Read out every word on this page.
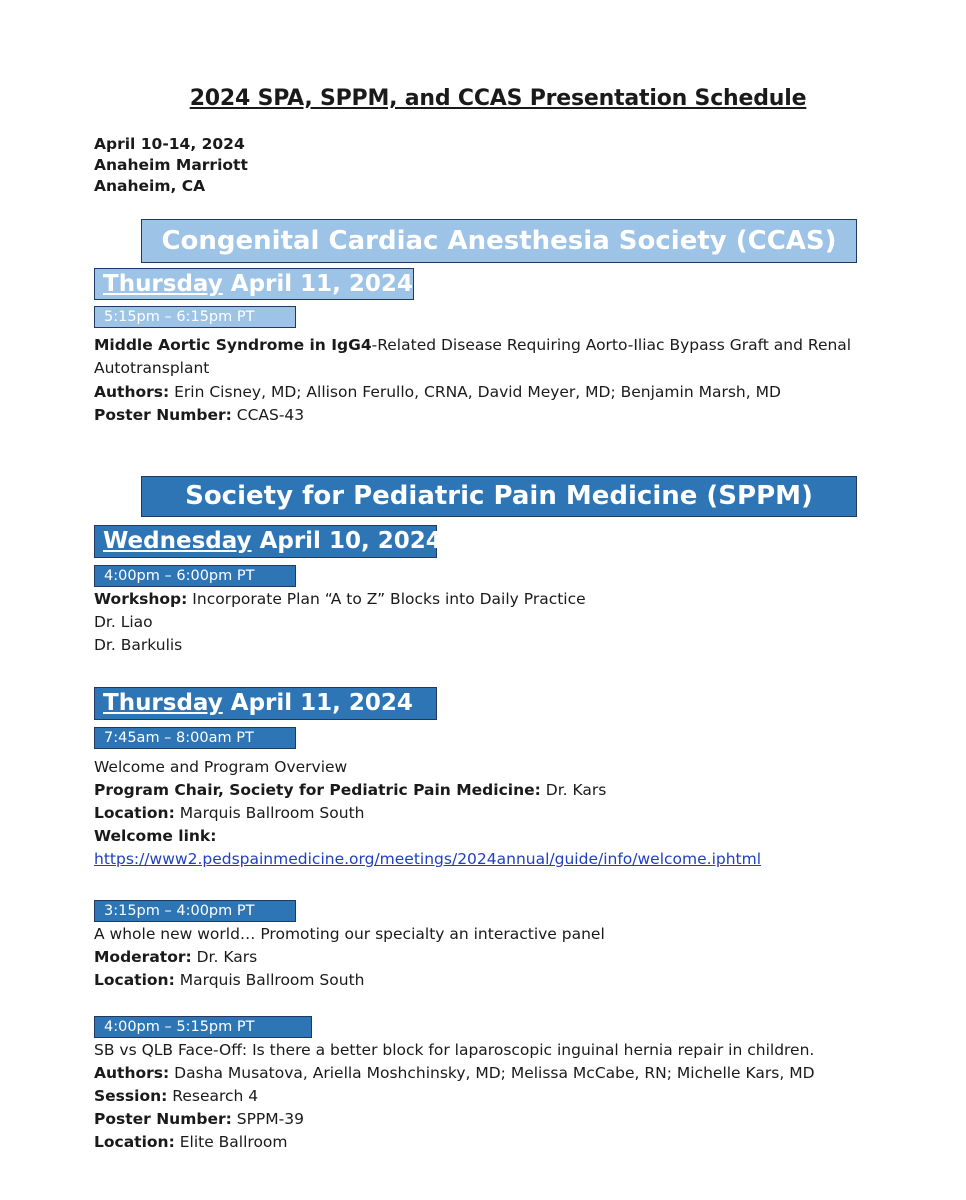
2024 SPA, SPPM, and CCAS Presentation Schedule
April 10-14, 2024
Anaheim Marriott
Anaheim, CA
Congenital Cardiac Anesthesia Society (CCAS)
Thursday April 11, 2024
5:15pm – 6:15pm PT
Middle Aortic Syndrome in IgG4-Related Disease Requiring Aorto-Iliac Bypass Graft and Renal
Autotransplant
Authors: Erin Cisney, MD; Allison Ferullo, CRNA, David Meyer, MD; Benjamin Marsh, MD
Poster Number: CCAS-43
Society for Pediatric Pain Medicine (SPPM)
Wednesday April 10, 2024
4:00pm – 6:00pm PT
Workshop: Incorporate Plan “A to Z” Blocks into Daily Practice
Dr. Liao
Dr. Barkulis
Thursday April 11, 2024
7:45am – 8:00am PT
Welcome and Program Overview
Program Chair, Society for Pediatric Pain Medicine: Dr. Kars
Location: Marquis Ballroom South
Welcome link:
https://www2.pedspainmedicine.org/meetings/2024annual/guide/info/welcome.iphtml
3:15pm – 4:00pm PT
A whole new world… Promoting our specialty an interactive panel
Moderator: Dr. Kars
Location: Marquis Ballroom South
4:00pm – 5:15pm PT
SB vs QLB Face-Off: Is there a better block for laparoscopic inguinal hernia repair in children.
Authors: Dasha Musatova, Ariella Moshchinsky, MD; Melissa McCabe, RN; Michelle Kars, MD
Session: Research 4
Poster Number: SPPM-39
Location: Elite Ballroom
